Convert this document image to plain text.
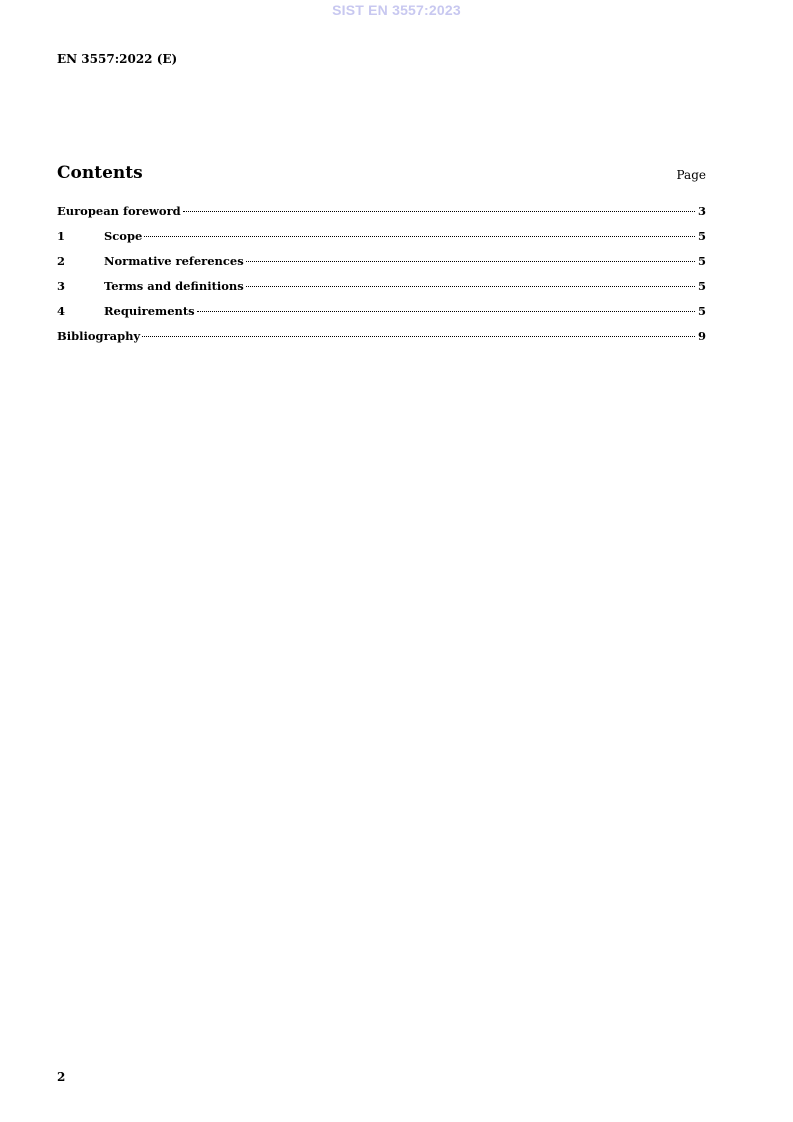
SIST EN 3557:2023
EN 3557:2022 (E)
Contents	Page
European foreword	3
1	Scope	5
2	Normative references	5
3	Terms and definitions	5
4	Requirements	5
Bibliography	9
2
